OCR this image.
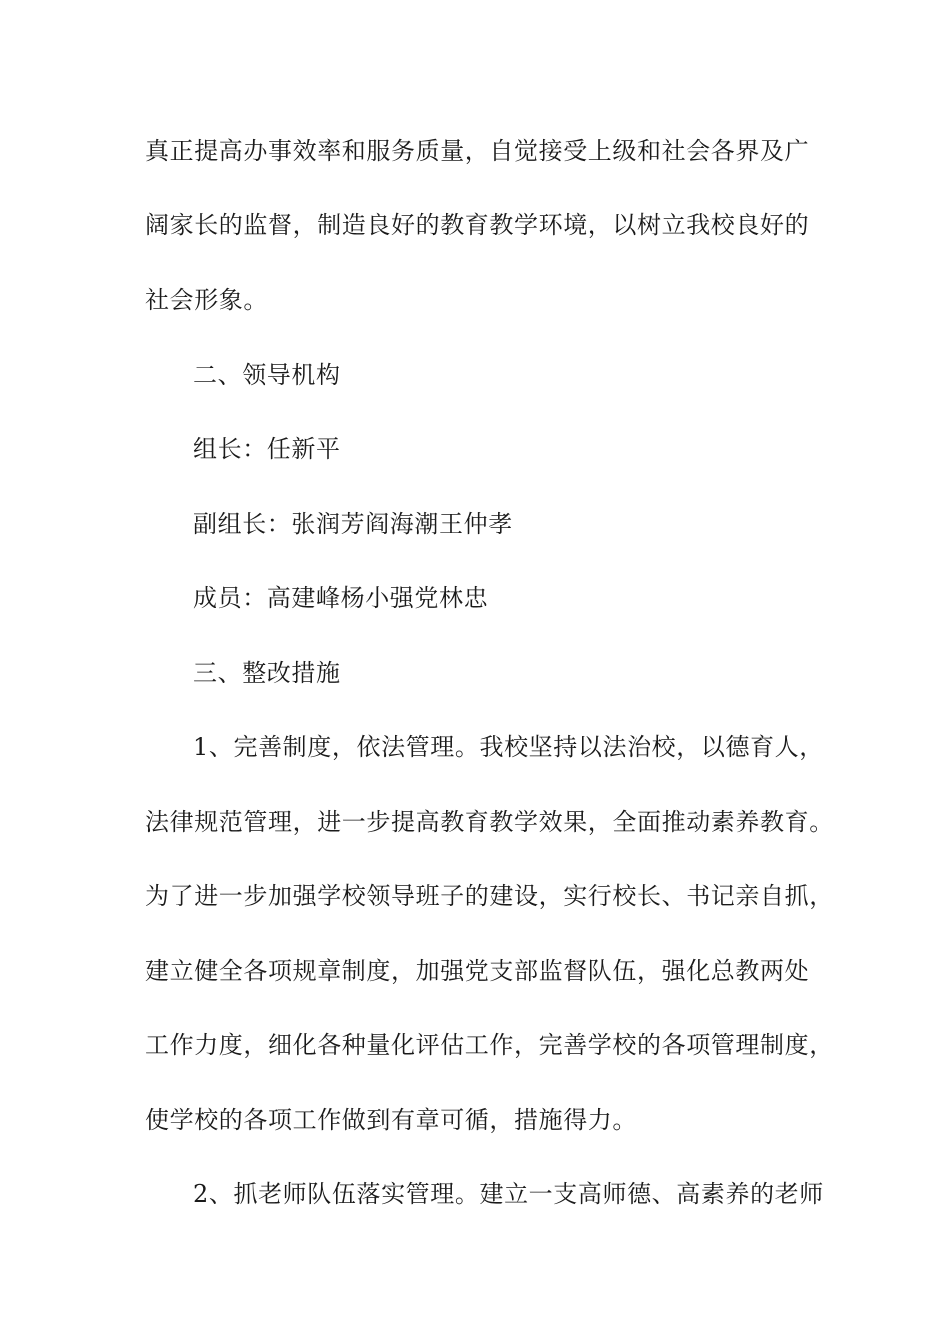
真正提高办事效率和服务质量，自觉接受上级和社会各界及广
阔家长的监督，制造良好的教育教学环境，以树立我校良好的
社会形象。
二、领导机构
组长：任新平
副组长：张润芳阎海潮王仲孝
成员：高建峰杨小强党林忠
三、整改措施
1、完善制度，依法管理。我校坚持以法治校，以德育人，
法律规范管理，进一步提高教育教学效果，全面推动素养教育。
为了进一步加强学校领导班子的建设，实行校长、书记亲自抓，
建立健全各项规章制度，加强党支部监督队伍，强化总教两处
工作力度，细化各种量化评估工作，完善学校的各项管理制度，
使学校的各项工作做到有章可循，措施得力。
2、抓老师队伍落实管理。建立一支高师德、高素养的老师
